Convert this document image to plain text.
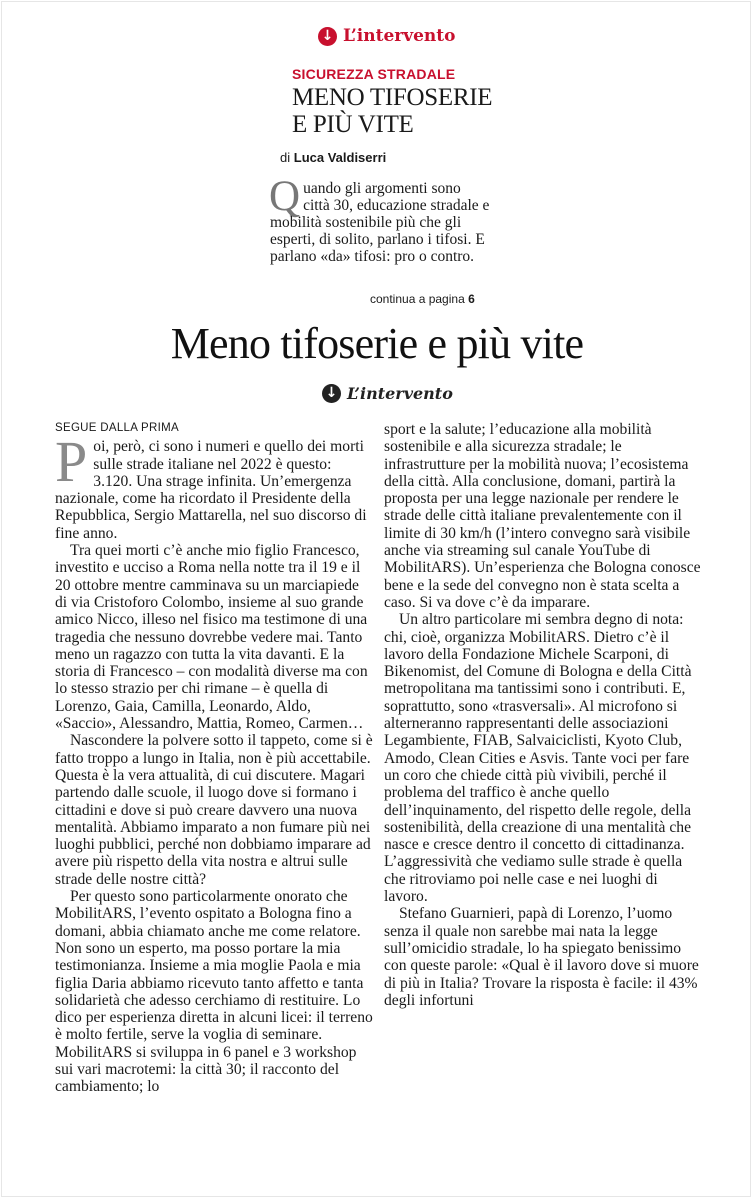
↓ L’intervento
SICUREZZA STRADALE
MENO TIFOSERIE
E PIÙ VITE
di Luca Valdiserri
Quando gli argomenti sono città 30, educazione stradale e mobilità sostenibile più che gli esperti, di solito, parlano i tifosi. E parlano «da» tifosi: pro o contro.
continua a pagina 6
Meno tifoserie e più vite
↓ L’intervento
SEGUE DALLA PRIMA

Poi, però, ci sono i numeri e quello dei morti sulle strade italiane nel 2022 è questo: 3.120. Una strage infinita. Un’emergenza nazionale, come ha ricordato il Presidente della Repubblica, Sergio Mattarella, nel suo discorso di fine anno.

Tra quei morti c’è anche mio figlio Francesco, investito e ucciso a Roma nella notte tra il 19 e il 20 ottobre mentre camminava su un marciapiede di via Cristoforo Colombo, insieme al suo grande amico Nicco, illeso nel fisico ma testimone di una tragedia che nessuno dovrebbe vedere mai. Tanto meno un ragazzo con tutta la vita davanti. E la storia di Francesco – con modalità diverse ma con lo stesso strazio per chi rimane – è quella di Lorenzo, Gaia, Camilla, Leonardo, Aldo, «Saccio», Alessandro, Mattia, Romeo, Carmen…

Nascondere la polvere sotto il tappeto, come si è fatto troppo a lungo in Italia, non è più accettabile. Questa è la vera attualità, di cui discutere. Magari partendo dalle scuole, il luogo dove si formano i cittadini e dove si può creare davvero una nuova mentalità. Abbiamo imparato a non fumare più nei luoghi pubblici, perché non dobbiamo imparare ad avere più rispetto della vita nostra e altrui sulle strade delle nostre città?

Per questo sono particolarmente onorato che MobilitARS, l’evento ospitato a Bologna fino a domani, abbia chiamato anche me come relatore. Non sono un esperto, ma posso portare la mia testimonianza. Insieme a mia moglie Paola e mia figlia Daria abbiamo ricevuto tanto affetto e tanta solidarietà che adesso cerchiamo di restituire. Lo dico per esperienza diretta in alcuni licei: il terreno è molto fertile, serve la voglia di seminare. MobilitARS si sviluppa in 6 panel e 3 workshop sui vari macrotemi: la città 30; il racconto del cambiamento; lo

sport e la salute; l’educazione alla mobilità sostenibile e alla sicurezza stradale; le infrastrutture per la mobilità nuova; l’ecosistema della città. Alla conclusione, domani, partirà la proposta per una legge nazionale per rendere le strade delle città italiane prevalentemente con il limite di 30 km/h (l’intero convegno sarà visibile anche via streaming sul canale YouTube di MobilitARS). Un’esperienza che Bologna conosce bene e la sede del convegno non è stata scelta a caso. Si va dove c’è da imparare.

Un altro particolare mi sembra degno di nota: chi, cioè, organizza MobilitARS. Dietro c’è il lavoro della Fondazione Michele Scarponi, di Bikenomist, del Comune di Bologna e della Città metropolitana ma tantissimi sono i contributi. E, soprattutto, sono «trasversali». Al microfono si alterneranno rappresentanti delle associazioni Legambiente, FIAB, Salvaiciclisti, Kyoto Club, Amodo, Clean Cities e Asvis. Tante voci per fare un coro che chiede città più vivibili, perché il problema del traffico è anche quello dell’inquinamento, del rispetto delle regole, della sostenibilità, della creazione di una mentalità che nasce e cresce dentro il concetto di cittadinanza. L’aggressività che vediamo sulle strade è quella che ritroviamo poi nelle case e nei luoghi di lavoro.

Stefano Guarnieri, papà di Lorenzo, l’uomo senza il quale non sarebbe mai nata la legge sull’omicidio stradale, lo ha spiegato benissimo con queste parole: «Qual è il lavoro dove si muore di più in Italia? Trovare la risposta è facile: il 43% degli infortuni
